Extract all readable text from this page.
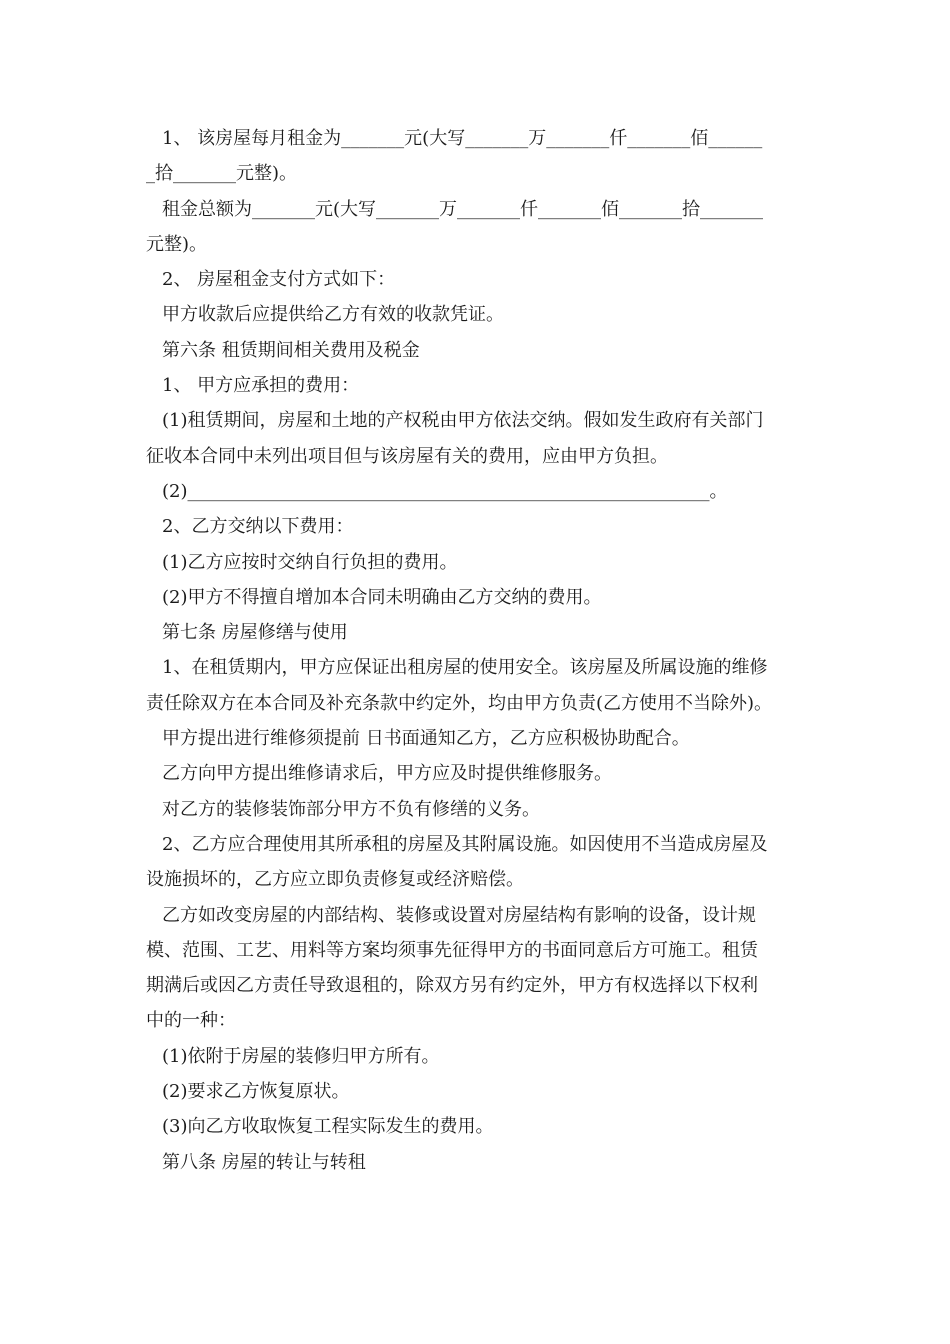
1、 该房屋每月租金为_______元(大写_______万_______仟_______佰______
_拾_______元整)。
租金总额为_______元(大写_______万_______仟_______佰_______拾_______
元整)。
2、 房屋租金支付方式如下：
甲方收款后应提供给乙方有效的收款凭证。
第六条 租赁期间相关费用及税金
1、 甲方应承担的费用：
(1)租赁期间，房屋和土地的产权税由甲方依法交纳。假如发生政府有关部门
征收本合同中未列出项目但与该房屋有关的费用，应由甲方负担。
(2)__________________________________________________________。
2、乙方交纳以下费用：
(1)乙方应按时交纳自行负担的费用。
(2)甲方不得擅自增加本合同未明确由乙方交纳的费用。
第七条 房屋修缮与使用
1、在租赁期内，甲方应保证出租房屋的使用安全。该房屋及所属设施的维修
责任除双方在本合同及补充条款中约定外，均由甲方负责(乙方使用不当除外)。
甲方提出进行维修须提前 日书面通知乙方，乙方应积极协助配合。
乙方向甲方提出维修请求后，甲方应及时提供维修服务。
对乙方的装修装饰部分甲方不负有修缮的义务。
2、乙方应合理使用其所承租的房屋及其附属设施。如因使用不当造成房屋及
设施损坏的，乙方应立即负责修复或经济赔偿。
乙方如改变房屋的内部结构、装修或设置对房屋结构有影响的设备，设计规
模、范围、工艺、用料等方案均须事先征得甲方的书面同意后方可施工。租赁
期满后或因乙方责任导致退租的，除双方另有约定外，甲方有权选择以下权利
中的一种：
(1)依附于房屋的装修归甲方所有。
(2)要求乙方恢复原状。
(3)向乙方收取恢复工程实际发生的费用。
第八条 房屋的转让与转租
